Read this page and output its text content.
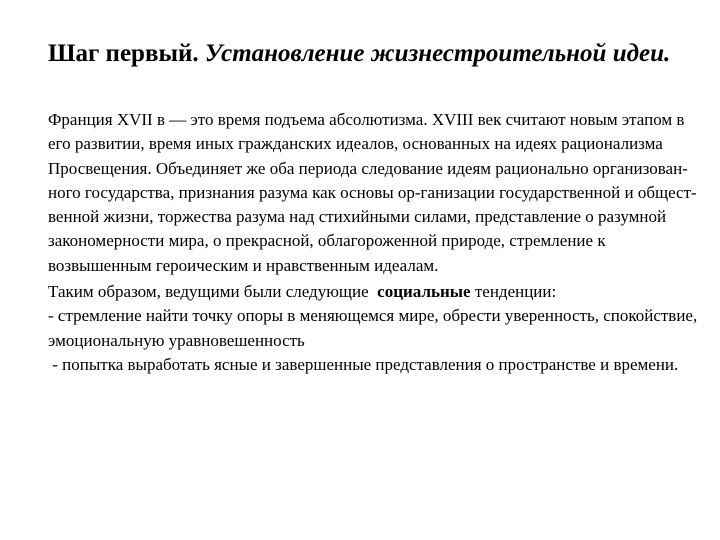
Шаг первый. Установление жизнестроительной идеи.

Франция XVII в — это время подъема абсолютизма. XVIII век считают новым этапом в его развитии, время иных гражданских идеалов, основанных на идеях рационализма Просвещения. Объединяет же оба периода следование идеям рационально организован-ного государства, признания разума как основы ор-ганизации государственной и общест-венной жизни, торжества разума над стихийными силами, представление о разумной закономерности мира, о прекрасной, облагороженной природе, стремление к возвышенным героическим и нравственным идеалам.

Таким образом, ведущими были следующие  социальные тенденции:

- стремление найти точку опоры в меняющемся мире, обрести уверенность, спокойствие, эмоциональную уравновешенность

- попытка выработать ясные и завершенные представления о пространстве и времени.
